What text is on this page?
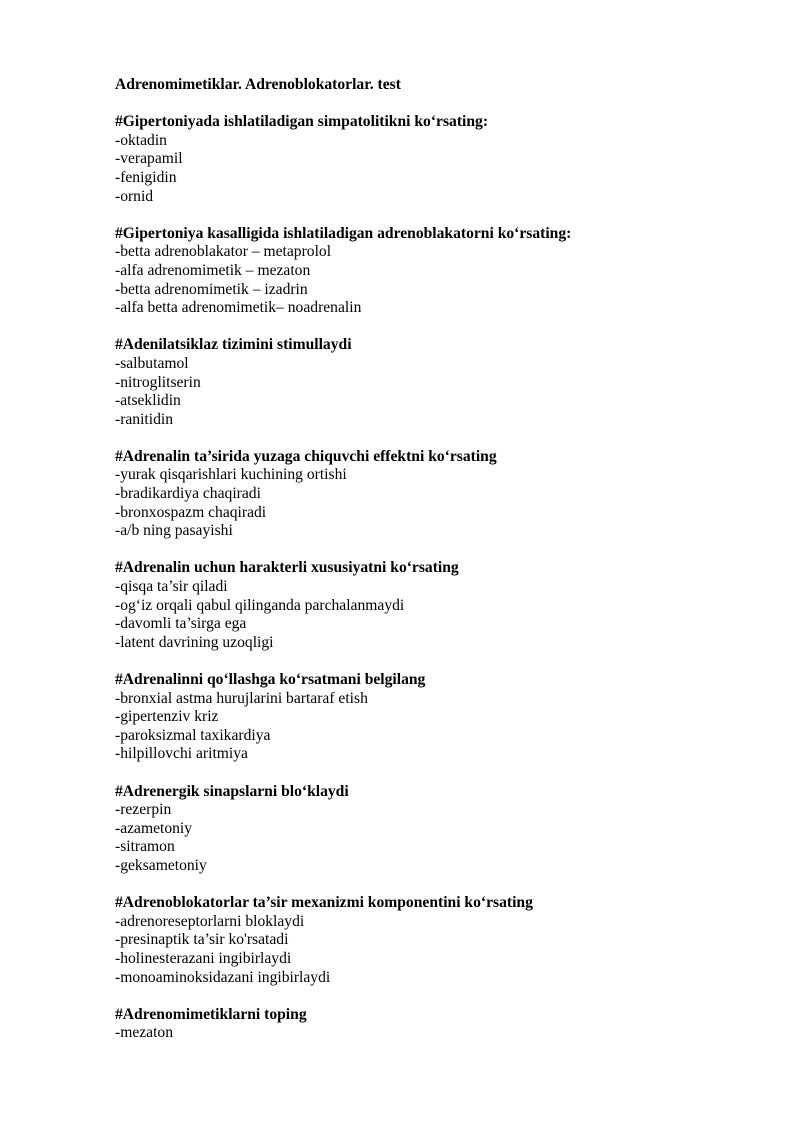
Adrenomimetiklar. Adrenoblokatorlar. test
#Gipertoniyada ishlatiladigan simpatolitikni ko‘rsating:
-oktadin
-verapamil
-fenigidin
-ornid
#Gipertoniya kasalligida ishlatiladigan adrenoblakatorni ko‘rsating:
-betta adrenoblakator – metaprolol
-alfa adrenomimetik – mezaton
-betta adrenomimetik – izadrin
-alfa betta adrenomimetik– noadrenalin
#Adenilatsiklaz tizimini stimullaydi
-salbutamol
-nitroglitserin
-atseklidin
-ranitidin
#Adrenalin ta’sirida yuzaga chiquvchi effektni ko‘rsating
-yurak qisqarishlari kuchining ortishi
-bradikardiya chaqiradi
-bronxospazm chaqiradi
-a/b ning pasayishi
#Adrenalin uchun harakterli xususiyatni ko‘rsating
-qisqa ta’sir qiladi
-og‘iz orqali qabul qilinganda parchalanmaydi
-davomli ta’sirga ega
-latent davrining uzoqligi
#Adrenalinni qo‘llashga ko‘rsatmani belgilang
-bronxial astma hurujlarini bartaraf etish
-gipertenziv kriz
-paroksizmal taxikardiya
-hilpillovchi aritmiya
#Adrenergik sinapslarni blo‘klaydi
-rezerpin
-azametoniy
-sitramon
-geksametoniy
#Adrenoblokatorlar ta’sir mexanizmi komponentini ko‘rsating
-adrenoreseptorlarni bloklaydi
-presinaptik ta’sir ko'rsatadi
-holinesterazani ingibirlaydi
-monoaminoksidazani ingibirlaydi
#Adrenomimetiklarni toping
-mezaton
